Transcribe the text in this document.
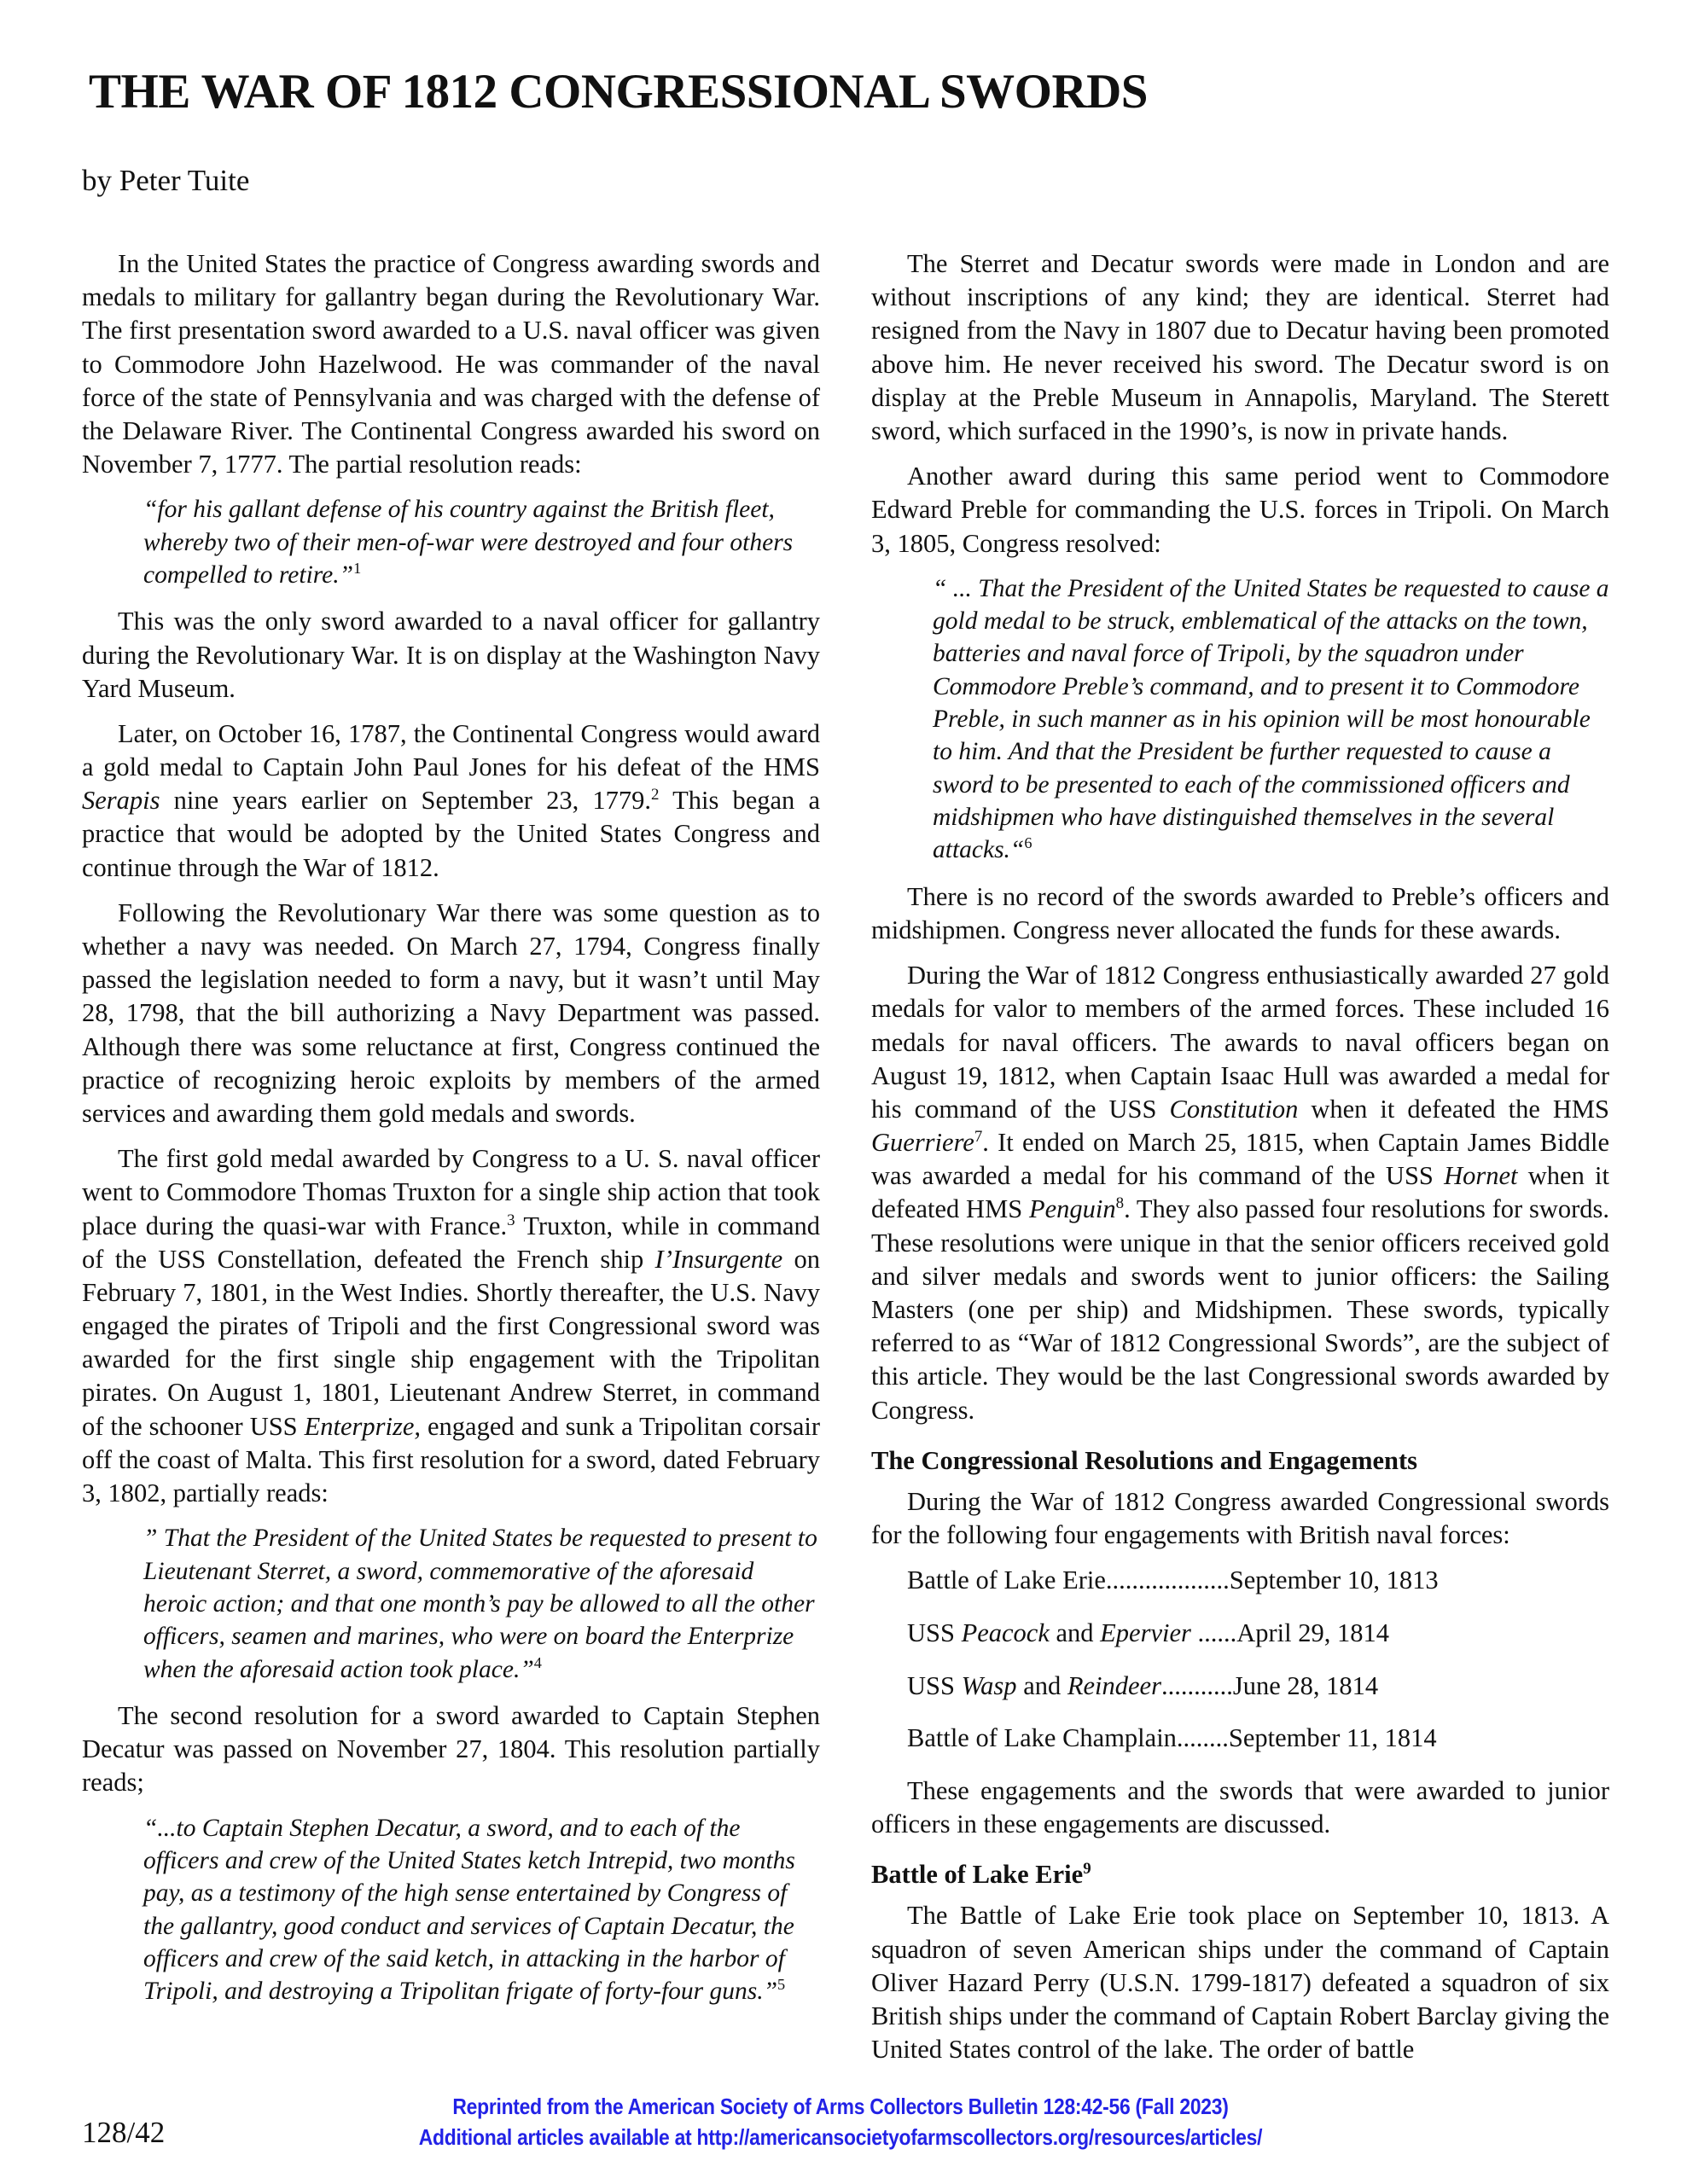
THE WAR OF 1812 CONGRESSIONAL SWORDS
by Peter Tuite

In the United States the practice of Congress awarding swords and medals to military for gallantry began during the Revolutionary War. The first presentation sword awarded to a U.S. naval officer was given to Commodore John Hazelwood. He was commander of the naval force of the state of Pennsylvania and was charged with the defense of the Delaware River. The Continental Congress awarded his sword on November 7, 1777. The partial resolution reads:

“for his gallant defense of his country against the British fleet, whereby two of their men-of-war were destroyed and four others compelled to retire.”$^1$

This was the only sword awarded to a naval officer for gallantry during the Revolutionary War. It is on display at the Washington Navy Yard Museum.

Later, on October 16, 1787, the Continental Congress would award a gold medal to Captain John Paul Jones for his defeat of the HMS Serapis nine years earlier on September 23, 1779.$^2$ This began a practice that would be adopted by the United States Congress and continue through the War of 1812.

Following the Revolutionary War there was some question as to whether a navy was needed. On March 27, 1794, Congress finally passed the legislation needed to form a navy, but it wasn’t until May 28, 1798, that the bill authorizing a Navy Department was passed. Although there was some reluctance at first, Congress continued the practice of recognizing heroic exploits by members of the armed services and awarding them gold medals and swords.

The first gold medal awarded by Congress to a U. S. naval officer went to Commodore Thomas Truxton for a single ship action that took place during the quasi-war with France.$^3$ Truxton, while in command of the USS Constellation, defeated the French ship I’Insurgente on February 7, 1801, in the West Indies. Shortly thereafter, the U.S. Navy engaged the pirates of Tripoli and the first Congressional sword was awarded for the first single ship engagement with the Tripolitan pirates. On August 1, 1801, Lieutenant Andrew Sterret, in command of the schooner USS Enterprize, engaged and sunk a Tripolitan corsair off the coast of Malta. This first resolution for a sword, dated February 3, 1802, partially reads:

” That the President of the United States be requested to present to Lieutenant Sterret, a sword, commemorative of the aforesaid heroic action; and that one month’s pay be allowed to all the other officers, seamen and marines, who were on board the Enterprize when the aforesaid action took place.”$^4$

The second resolution for a sword awarded to Captain Stephen Decatur was passed on November 27, 1804. This resolution partially reads;

“...to Captain Stephen Decatur, a sword, and to each of the officers and crew of the United States ketch Intrepid, two months pay, as a testimony of the high sense entertained by Congress of the gallantry, good conduct and services of Captain Decatur, the officers and crew of the said ketch, in attacking in the harbor of Tripoli, and destroying a Tripolitan frigate of forty-four guns.”$^5$

The Sterret and Decatur swords were made in London and are without inscriptions of any kind; they are identical. Sterret had resigned from the Navy in 1807 due to Decatur having been promoted above him. He never received his sword. The Decatur sword is on display at the Preble Museum in Annapolis, Maryland. The Sterett sword, which surfaced in the 1990’s, is now in private hands.

Another award during this same period went to Commodore Edward Preble for commanding the U.S. forces in Tripoli. On March 3, 1805, Congress resolved:

“ ... That the President of the United States be requested to cause a gold medal to be struck, emblematical of the attacks on the town, batteries and naval force of Tripoli, by the squadron under Commodore Preble’s command, and to present it to Commodore Preble, in such manner as in his opinion will be most honourable to him. And that the President be further requested to cause a sword to be presented to each of the commissioned officers and midshipmen who have distinguished themselves in the several attacks.“$^6$

There is no record of the swords awarded to Preble’s officers and midshipmen. Congress never allocated the funds for these awards.

During the War of 1812 Congress enthusiastically awarded 27 gold medals for valor to members of the armed forces. These included 16 medals for naval officers. The awards to naval officers began on August 19, 1812, when Captain Isaac Hull was awarded a medal for his command of the USS Constitution when it defeated the HMS Guerriere$^7$. It ended on March 25, 1815, when Captain James Biddle was awarded a medal for his command of the USS Hornet when it defeated HMS Penguin$^8$. They also passed four resolutions for swords. These resolutions were unique in that the senior officers received gold and silver medals and swords went to junior officers: the Sailing Masters (one per ship) and Midshipmen. These swords, typically referred to as “War of 1812 Congressional Swords”, are the subject of this article. They would be the last Congressional swords awarded by Congress.

The Congressional Resolutions and Engagements

During the War of 1812 Congress awarded Congressional swords for the following four engagements with British naval forces:

Battle of Lake Erie...................September 10, 1813
USS Peacock and Epervier ......April 29, 1814
USS Wasp and Reindeer...........June 28, 1814
Battle of Lake Champlain........September 11, 1814

These engagements and the swords that were awarded to junior officers in these engagements are discussed.

Battle of Lake Erie$^9$

The Battle of Lake Erie took place on September 10, 1813. A squadron of seven American ships under the command of Captain Oliver Hazard Perry (U.S.N. 1799-1817) defeated a squadron of six British ships under the command of Captain Robert Barclay giving the United States control of the lake. The order of battle

Reprinted from the American Society of Arms Collectors Bulletin 128:42-56 (Fall 2023)
Additional articles available at http://americansocietyofarmscollectors.org/resources/articles/
128/42
